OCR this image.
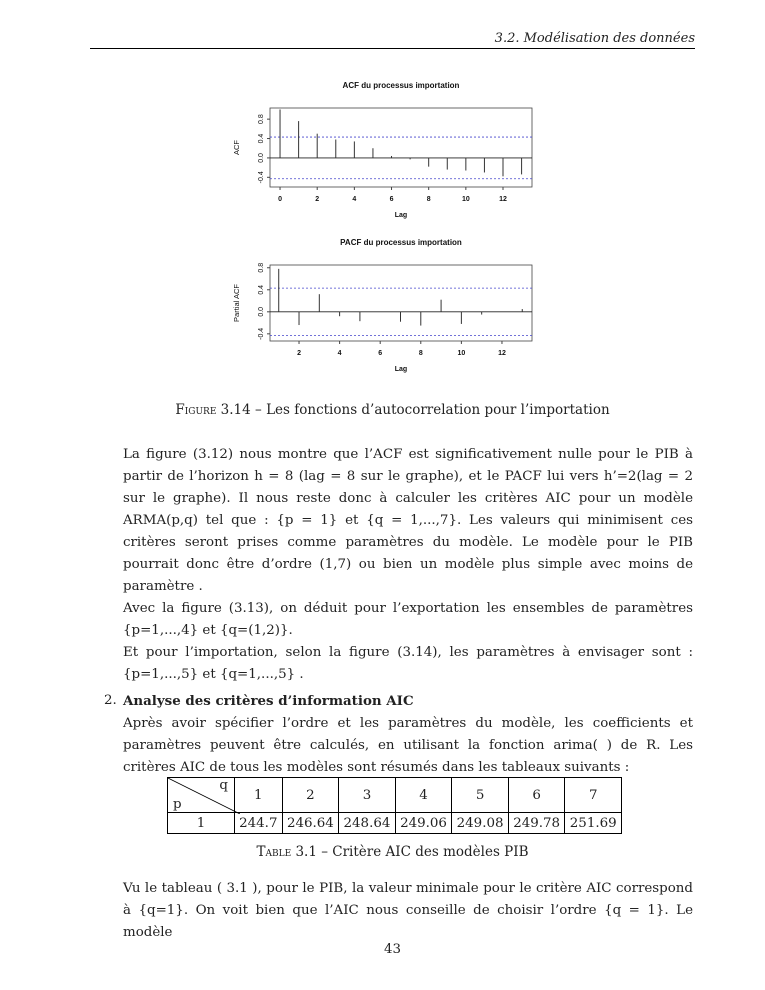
3.2. Modélisation des données
ACF du processus importation
0	2	4	6	8	10	12
-0.4
0.0
0.4
0.8
Lag
ACF
PACF du processus importation
2	4	6	8	10	12
-0.4
0.0
0.4
0.8
Lag
Partial ACF
Figure 3.14 – Les fonctions d’autocorrelation pour l’importation

La figure (3.12) nous montre que l’ACF est significativement nulle pour le PIB à partir de l’horizon h = 8 (lag = 8 sur le graphe), et le PACF lui vers h’=2(lag = 2 sur le graphe). Il nous reste donc à calculer les critères AIC pour un modèle ARMA(p,q) tel que : {p = 1} et {q = 1,...,7}. Les valeurs qui minimisent ces critères seront prises comme paramètres du modèle. Le modèle pour le PIB pourrait donc être d’ordre (1,7) ou bien un modèle plus simple avec moins de paramètre .

Avec la figure (3.13), on déduit pour l’exportation les ensembles de paramètres {p=1,...,4} et {q=(1,2)}.

Et pour l’importation, selon la figure (3.14), les paramètres à envisager sont : {p=1,...,5} et {q=1,...,5} .

2. Analyse des critères d’information AIC

Après avoir spécifier l’ordre et les paramètres du modèle, les coefficients et paramètres peuvent être calculés, en utilisant la fonction arima( ) de R. Les critères AIC de tous les modèles sont résumés dans les tableaux suivants :

q
p	1	2	3	4	5	6	7
1	244.7	246.64	248.64	249.06	249.08	249.78	251.69
Table 3.1 – Critère AIC des modèles PIB
Vu le tableau ( 3.1 ), pour le PIB, la valeur minimale pour le critère AIC correspond à {q=1}. On voit bien que l’AIC nous conseille de choisir l’ordre {q = 1}. Le modèle
43
